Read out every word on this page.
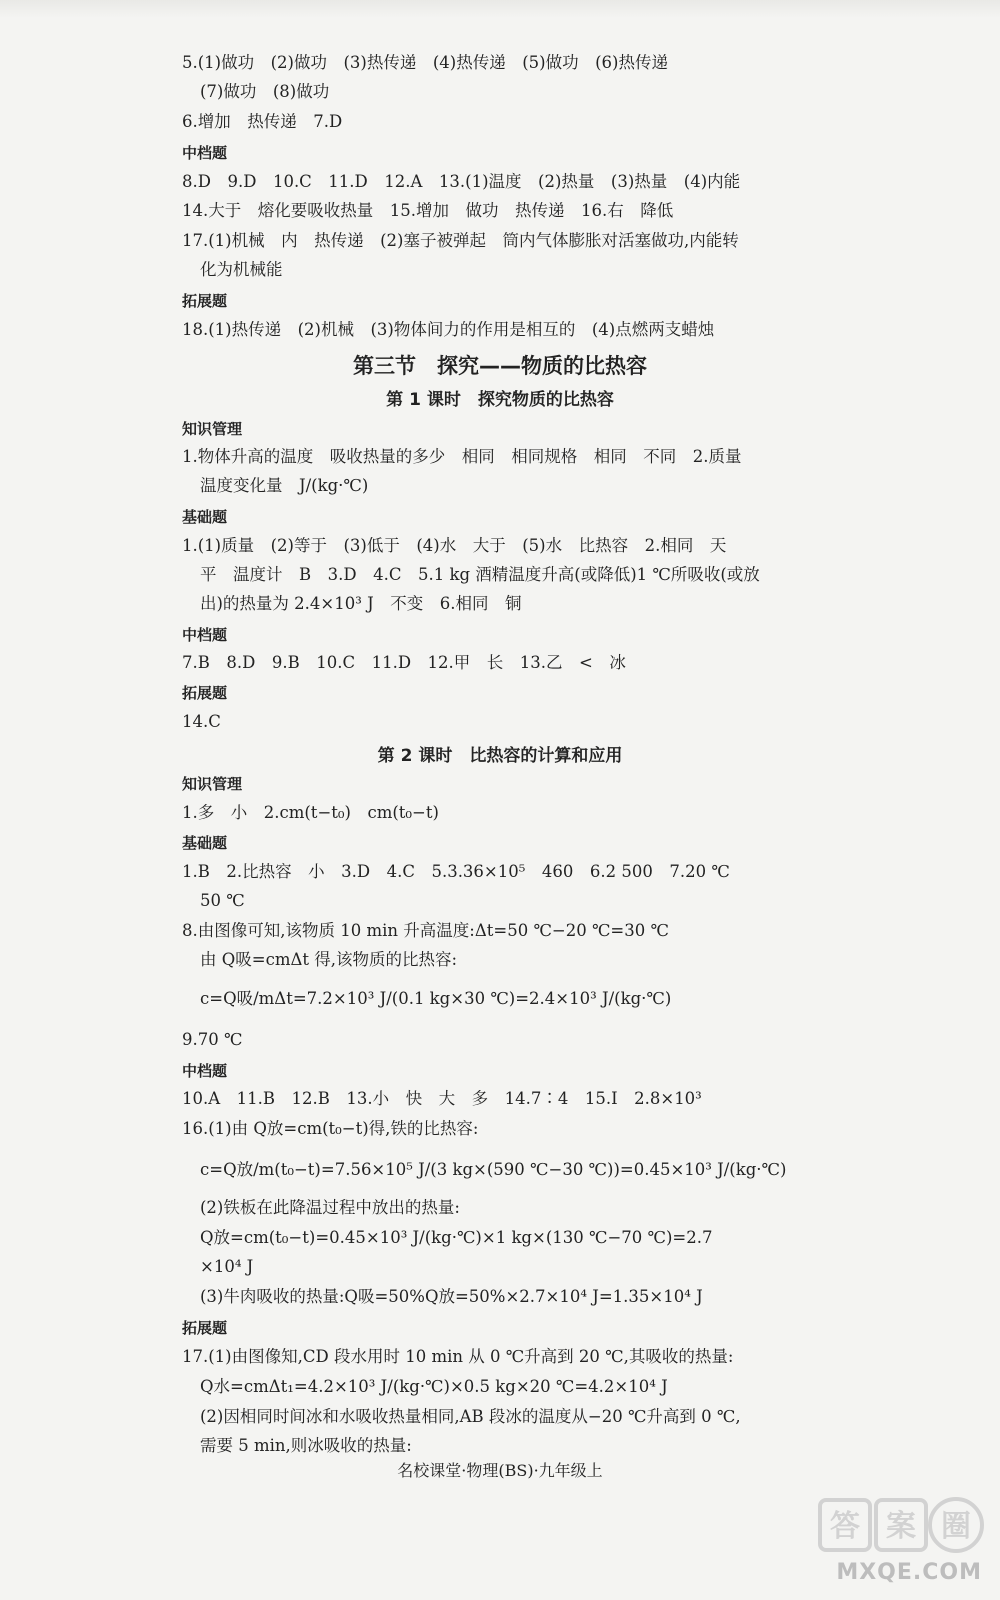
5.(1)做功　(2)做功　(3)热传递　(4)热传递　(5)做功　(6)热传递
(7)做功　(8)做功
6.增加　热传递　7.D
中档题
8.D　9.D　10.C　11.D　12.A　13.(1)温度　(2)热量　(3)热量　(4)内能
14.大于　熔化要吸收热量　15.增加　做功　热传递　16.右　降低
17.(1)机械　内　热传递　(2)塞子被弹起　筒内气体膨胀对活塞做功,内能转
化为机械能
拓展题
18.(1)热传递　(2)机械　(3)物体间力的作用是相互的　(4)点燃两支蜡烛
第三节　探究——物质的比热容
第 1 课时　探究物质的比热容
知识管理
1.物体升高的温度　吸收热量的多少　相同　相同规格　相同　不同　2.质量
温度变化量　J/(kg·℃)
基础题
1.(1)质量　(2)等于　(3)低于　(4)水　大于　(5)水　比热容　2.相同　天
平　温度计　B　3.D　4.C　5.1 kg 酒精温度升高(或降低)1 ℃所吸收(或放
出)的热量为 2.4×10³ J　不变　6.相同　铜
中档题
7.B　8.D　9.B　10.C　11.D　12.甲　长　13.乙　<　冰
拓展题
14.C
第 2 课时　比热容的计算和应用
知识管理
1.多　小　2.cm(t−t₀)　cm(t₀−t)
基础题
1.B　2.比热容　小　3.D　4.C　5.3.36×10⁵　460　6.2 500　7.20 ℃
50 ℃
8.由图像可知,该物质 10 min 升高温度:Δt=50 ℃−20 ℃=30 ℃
由 Q吸=cmΔt 得,该物质的比热容:
c=Q吸/mΔt=7.2×10³ J/(0.1 kg×30 ℃)=2.4×10³ J/(kg·℃)
9.70 ℃
中档题
10.A　11.B　12.B　13.小　快　大　多　14.7∶4　15.I　2.8×10³
16.(1)由 Q放=cm(t₀−t)得,铁的比热容:
c=Q放/m(t₀−t)=7.56×10⁵ J/(3 kg×(590 ℃−30 ℃))=0.45×10³ J/(kg·℃)
(2)铁板在此降温过程中放出的热量:
Q放=cm(t₀−t)=0.45×10³ J/(kg·℃)×1 kg×(130 ℃−70 ℃)=2.7
×10⁴ J
(3)牛肉吸收的热量:Q吸=50%Q放=50%×2.7×10⁴ J=1.35×10⁴ J
拓展题
17.(1)由图像知,CD 段水用时 10 min 从 0 ℃升高到 20 ℃,其吸收的热量:
Q水=cmΔt₁=4.2×10³ J/(kg·℃)×0.5 kg×20 ℃=4.2×10⁴ J
(2)因相同时间冰和水吸收热量相同,AB 段冰的温度从−20 ℃升高到 0 ℃,
需要 5 min,则冰吸收的热量:
名校课堂·物理(BS)·九年级上
答 案 圈
MXQE.COM
